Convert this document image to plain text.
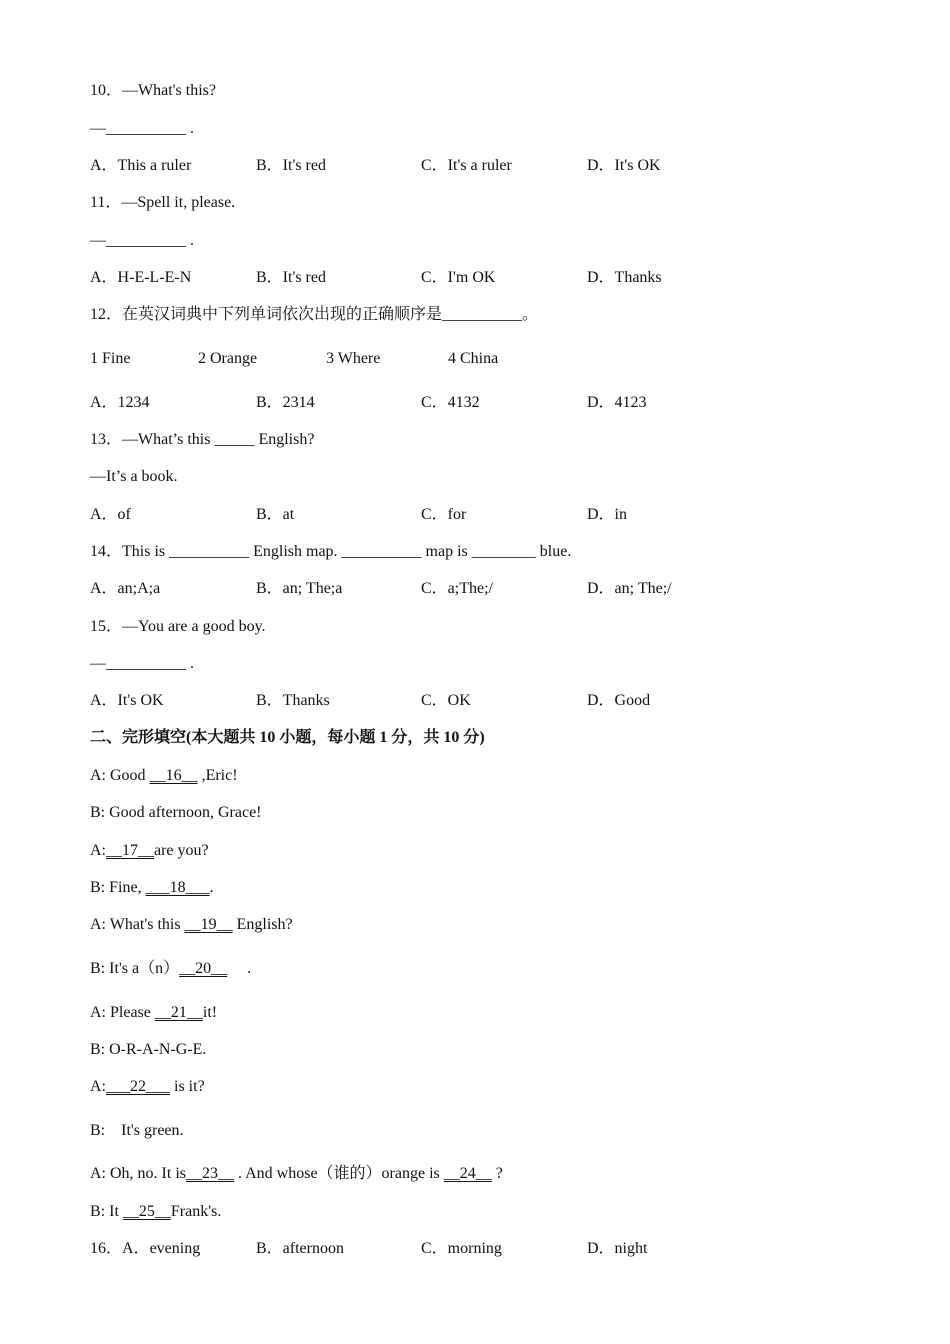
10．—What's this?
—__________ .
A．This a ruler	B．It's red	C．It's a ruler	D．It's OK
11．—Spell it, please.
—__________ .
A．H-E-L-E-N	B．It's red	C．I'm OK	D．Thanks
12．在英汉词典中下列单词依次出现的正确顺序是__________。
1 Fine	2 Orange	3 Where	4 China
A．1234	B．2314	C．4132	D．4123
13．—What’s this _____ English?
—It’s a book.
A．of	B．at	C．for	D．in
14．This is __________ English map. __________ map is ________ blue.
A．an;A;a	B．an; The;a	C．a;The;/	D．an; The;/
15．—You are a good boy.
—__________ .
A．It's OK	B．Thanks	C．OK	D．Good
二、完形填空(本大题共 10 小题，每小题 1 分，共 10 分)
A: Good __16__ ,Eric!
B: Good afternoon, Grace!
A:__17__are you?
B: Fine, ___18___.
A: What's this __19__ English?
B: It's a（n）__20__     .
A: Please __21__it!
B: O-R-A-N-G-E.
A:___22___ is it?
B:    It's green.
A: Oh, no. It is__23__ . And whose（谁的）orange is __24__ ?
B: It __25__Frank's.
16．A．evening	B．afternoon	C．morning	D．night
